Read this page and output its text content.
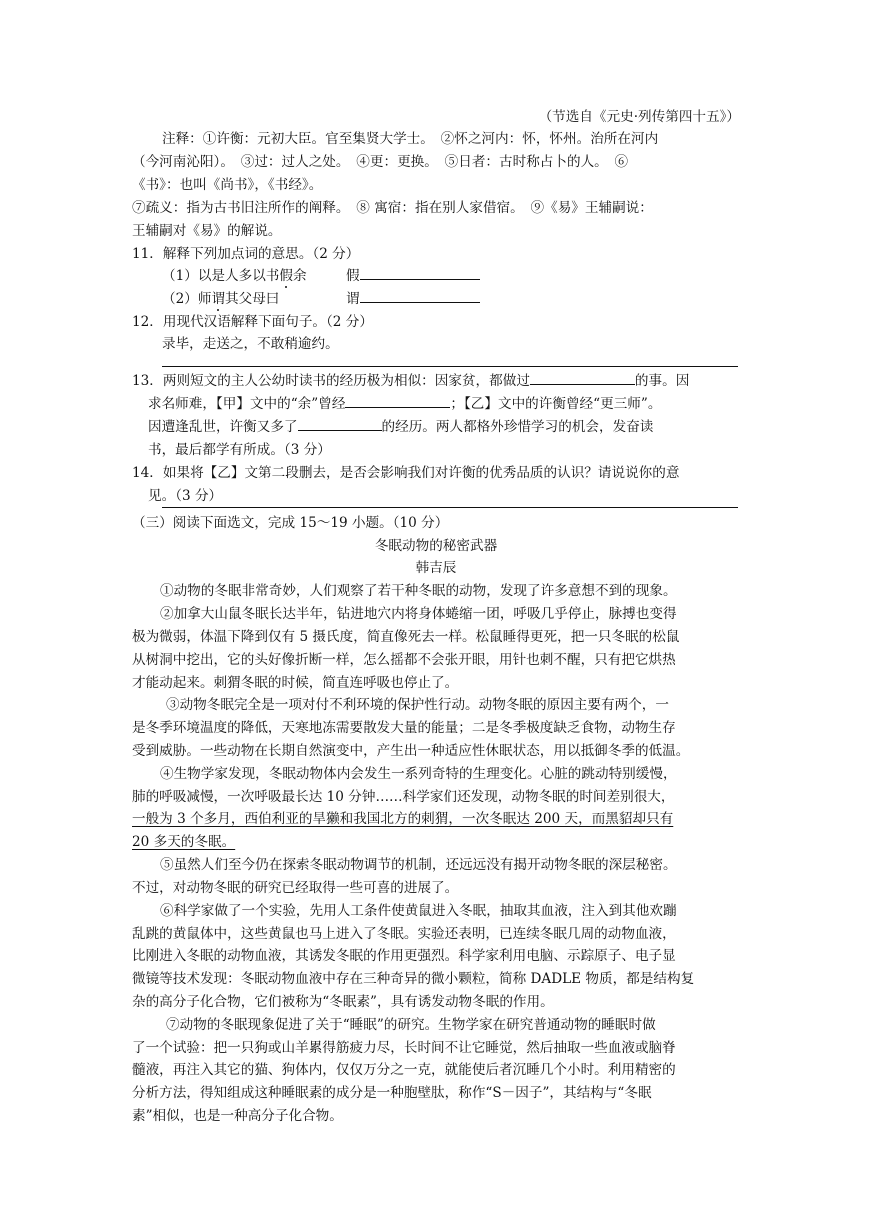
（节选自《元史·列传第四十五》）
注释：①许衡：元初大臣。官至集贤大学士。　②怀之河内：怀，怀州。治所在河内
（今河南沁阳）。　③过：过人之处。　④更：更换。　⑤日者：古时称占卜的人。　⑥
《书》：也叫《尚书》，《书经》。
⑦疏义：指为古书旧注所作的阐释。　⑧ 寓宿：指在别人家借宿。　⑨《易》王辅嗣说：
王辅嗣对《易》的解说。
11．解释下列加点词的意思。（2 分）
（1）以是人多以书假余	假
（2）师谓其父母曰	谓
12．用现代汉语解释下面句子。（2 分）
录毕，走送之，不敢稍逾约。
13．两则短文的主人公幼时读书的经历极为相似：因家贫，都做过	的事。因
求名师难，【甲】文中的“余”曾经	；【乙】文中的许衡曾经“更三师”。
因遭逢乱世，许衡又多了	的经历。两人都格外珍惜学习的机会，发奋读
书，最后都学有所成。（3 分）
14．如果将【乙】文第二段删去，是否会影响我们对许衡的优秀品质的认识？请说说你的意
见。（3 分）
（三）阅读下面选文，完成 15～19 小题。（10 分）
冬眠动物的秘密武器
韩吉辰
①动物的冬眠非常奇妙，人们观察了若干种冬眠的动物，发现了许多意想不到的现象。
②加拿大山鼠冬眠长达半年，钻进地穴内将身体蜷缩一团，呼吸几乎停止，脉搏也变得
极为微弱，体温下降到仅有 5 摄氏度，简直像死去一样。松鼠睡得更死，把一只冬眠的松鼠
从树洞中挖出，它的头好像折断一样，怎么摇都不会张开眼，用针也刺不醒，只有把它烘热
才能动起来。刺猬冬眠的时候，简直连呼吸也停止了。
③动物冬眠完全是一项对付不利环境的保护性行动。动物冬眠的原因主要有两个，一
是冬季环境温度的降低，天寒地冻需要散发大量的能量；二是冬季极度缺乏食物，动物生存
受到威胁。一些动物在长期自然演变中，产生出一种适应性休眠状态，用以抵御冬季的低温。
④生物学家发现，冬眠动物体内会发生一系列奇特的生理变化。心脏的跳动特别缓慢，
肺的呼吸减慢，一次呼吸最长达 10 分钟……科学家们还发现，动物冬眠的时间差别很大，
一般为 3 个多月，西伯利亚的旱獭和我国北方的刺猬，一次冬眠达 200 天，而黑貂却只有
20 多天的冬眠。
⑤虽然人们至今仍在探索冬眠动物调节的机制，还远远没有揭开动物冬眠的深层秘密。
不过，对动物冬眠的研究已经取得一些可喜的进展了。
⑥科学家做了一个实验，先用人工条件使黄鼠进入冬眠，抽取其血液，注入到其他欢蹦
乱跳的黄鼠体中，这些黄鼠也马上进入了冬眠。实验还表明，已连续冬眠几周的动物血液，
比刚进入冬眠的动物血液，其诱发冬眠的作用更强烈。科学家利用电脑、示踪原子、电子显
微镜等技术发现：冬眠动物血液中存在三种奇异的微小颗粒，简称 DADLE 物质，都是结构复
杂的高分子化合物，它们被称为“冬眠素”，具有诱发动物冬眠的作用。
⑦动物的冬眠现象促进了关于“睡眠”的研究。生物学家在研究普通动物的睡眠时做
了一个试验：把一只狗或山羊累得筋疲力尽，长时间不让它睡觉，然后抽取一些血液或脑脊
髓液，再注入其它的猫、狗体内，仅仅万分之一克，就能使后者沉睡几个小时。利用精密的
分析方法，得知组成这种睡眠素的成分是一种胞壁肽，称作“S－因子”，其结构与“冬眠
素”相似，也是一种高分子化合物。
